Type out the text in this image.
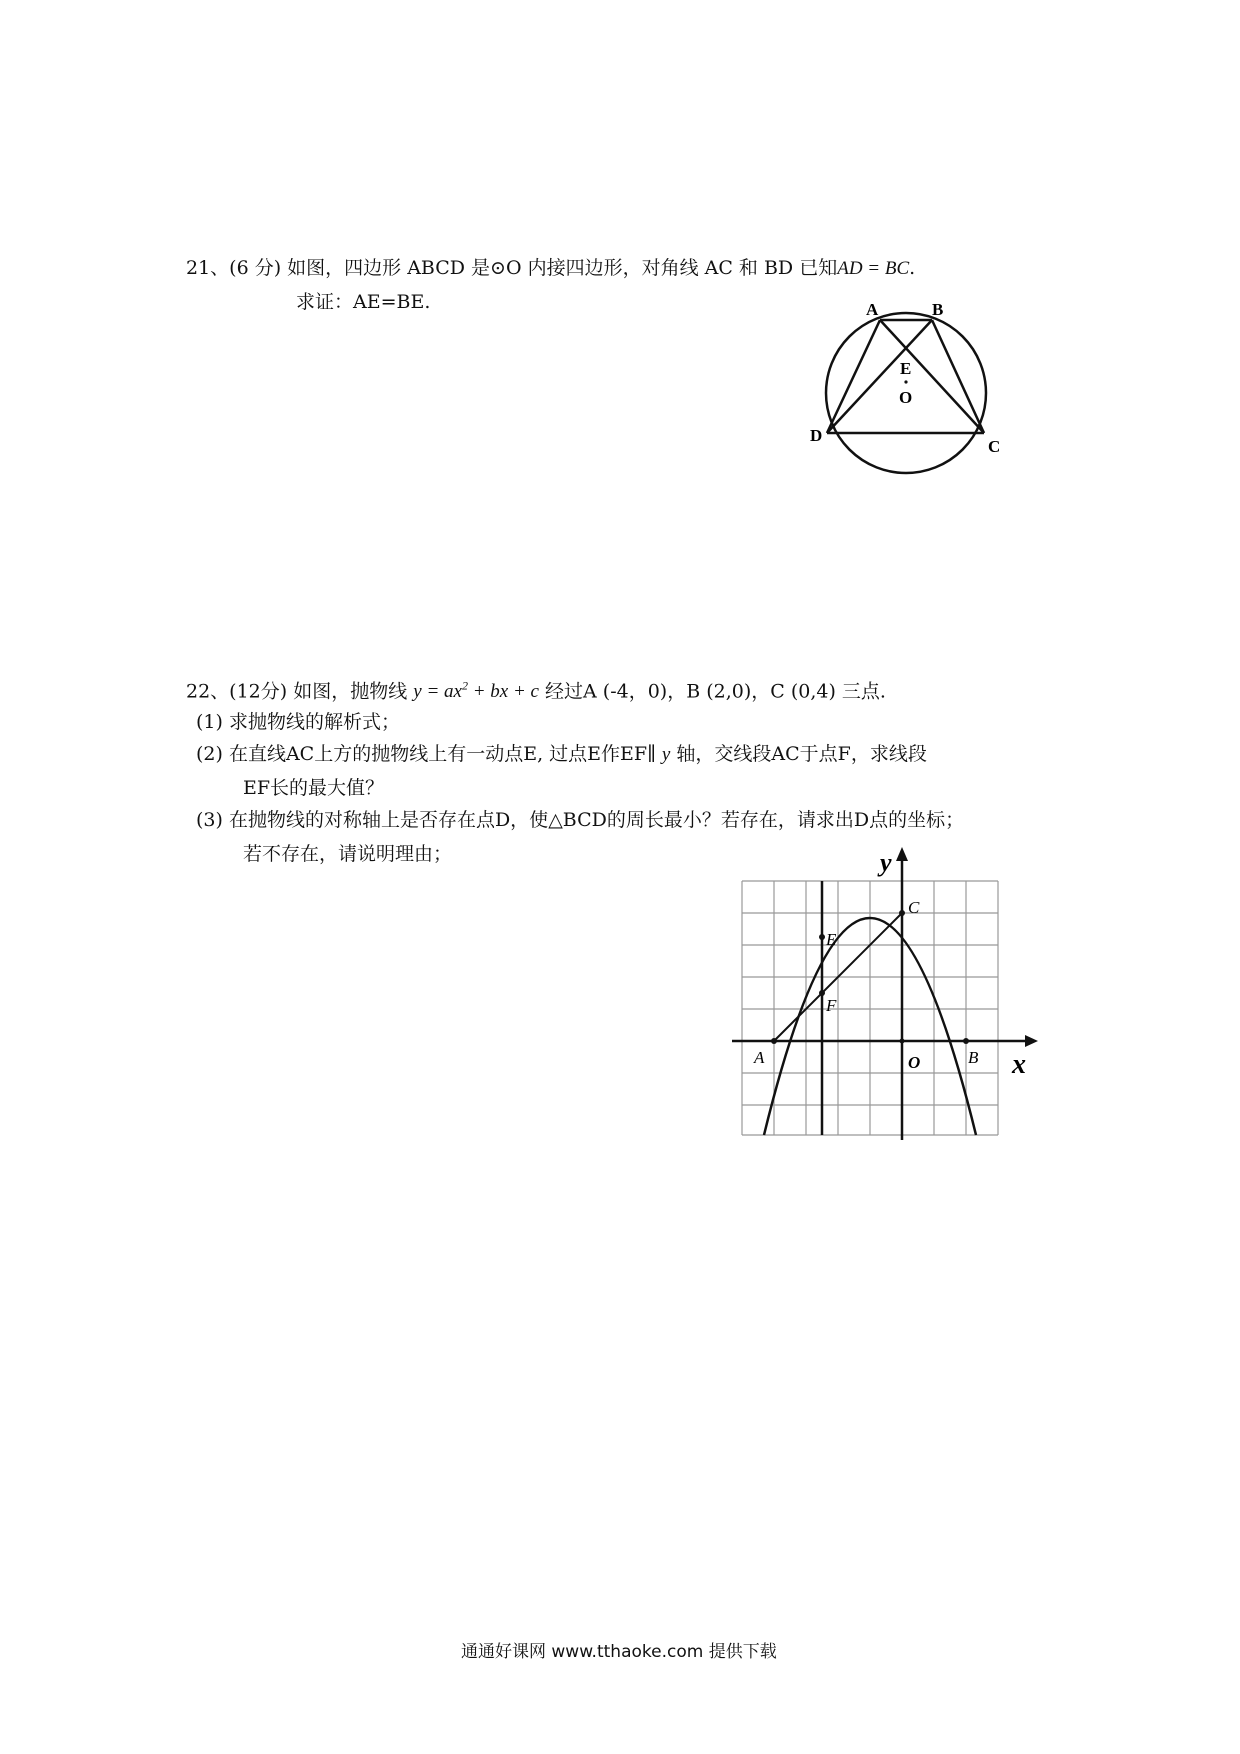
21、(6 分) 如图，四边形 ABCD 是⊙O 内接四边形，对角线 AC 和 BD 已知AD = BC.
求证：AE=BE.	A	B
E
O
D
C
22、(12分) 如图，抛物线 $y = ax^2$ + bx + c 经过A (-4，0)，B (2,0)，C (0,4) 三点.
(1) 求抛物线的解析式；
(2) 在直线AC上方的抛物线上有一动点E, 过点E作EF∥ y 轴，交线段AC于点F，求线段
EF长的最大值？
(3) 在抛物线的对称轴上是否存在点D，使△BCD的周长最小？若存在，请求出D点的坐标；
若不存在，请说明理由；	y
x
C
E
F
A	B
O
通通好课网 www.tthaoke.com 提供下载
